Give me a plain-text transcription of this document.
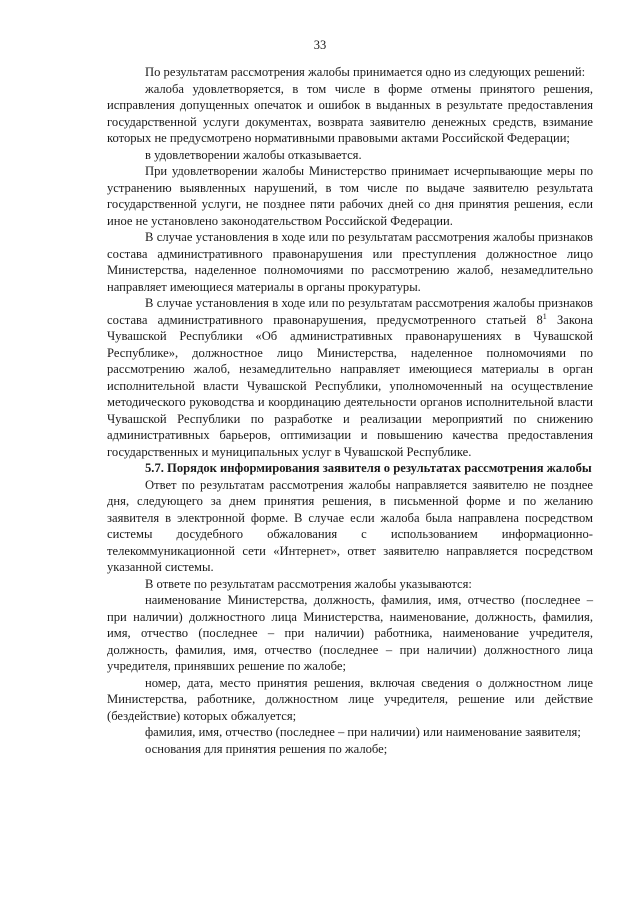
33

По результатам рассмотрения жалобы принимается одно из следующих решений:

жалоба удовлетворяется, в том числе в форме отмены принятого решения, исправления допущенных опечаток и ошибок в выданных в результате предоставления государственной услуги документах, возврата заявителю денежных средств, взимание которых не предусмотрено нормативными правовыми актами Российской Федерации;

в удовлетворении жалобы отказывается.

При удовлетворении жалобы Министерство принимает исчерпывающие меры по устранению выявленных нарушений, в том числе по выдаче заявителю результата государственной услуги, не позднее пяти рабочих дней со дня принятия решения, если иное не установлено законодательством Российской Федерации.

В случае установления в ходе или по результатам рассмотрения жалобы признаков состава административного правонарушения или преступления должностное лицо Министерства, наделенное полномочиями по рассмотрению жалоб, незамедлительно направляет имеющиеся материалы в органы прокуратуры.

В случае установления в ходе или по результатам рассмотрения жалобы признаков состава административного правонарушения, предусмотренного статьей $8^1$ Закона Чувашской Республики «Об административных правонарушениях в Чувашской Республике», должностное лицо Министерства, наделенное полномочиями по рассмотрению жалоб, незамедлительно направляет имеющиеся материалы в орган исполнительной власти Чувашской Республики, уполномоченный на осуществление методического руководства и координацию деятельности органов исполнительной власти Чувашской Республики по разработке и реализации мероприятий по снижению административных барьеров, оптимизации и повышению качества предоставления государственных и муниципальных услуг в Чувашской Республике.

5.7. Порядок информирования заявителя о результатах рассмотрения жалобы

Ответ по результатам рассмотрения жалобы направляется заявителю не позднее дня, следующего за днем принятия решения, в письменной форме и по желанию заявителя в электронной форме. В случае если жалоба была направлена посредством системы досудебного обжалования с использованием информационно-телекоммуникационной сети «Интернет», ответ заявителю направляется посредством указанной системы.

В ответе по результатам рассмотрения жалобы указываются:

наименование Министерства, должность, фамилия, имя, отчество (последнее – при наличии) должностного лица Министерства, наименование, должность, фамилия, имя, отчество (последнее – при наличии) работника, наименование учредителя, должность, фамилия, имя, отчество (последнее – при наличии) должностного лица учредителя, принявших решение по жалобе;

номер, дата, место принятия решения, включая сведения о должностном лице Министерства, работнике, должностном лице учредителя, решение или действие (бездействие) которых обжалуется;

фамилия, имя, отчество (последнее – при наличии) или наименование заявителя;

основания для принятия решения по жалобе;
